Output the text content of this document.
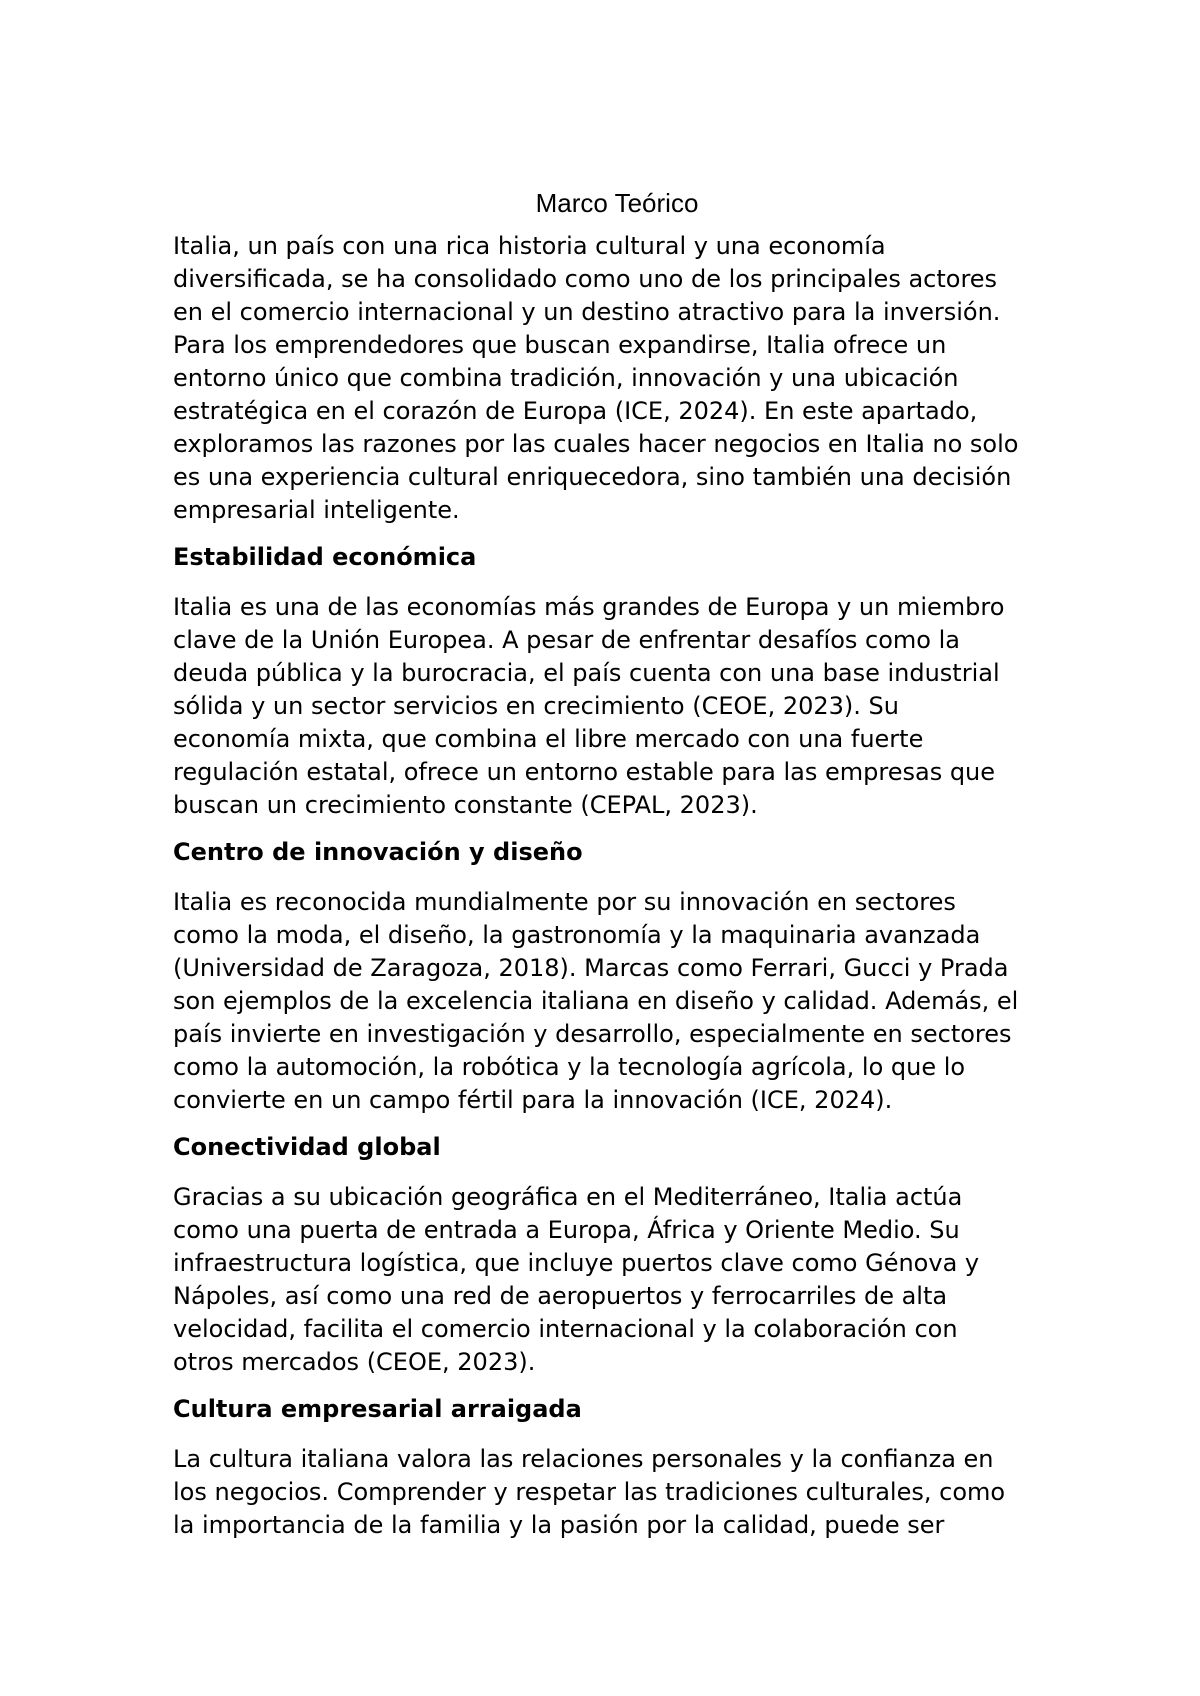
Marco Teórico
Italia, un país con una rica historia cultural y una economía
diversificada, se ha consolidado como uno de los principales actores
en el comercio internacional y un destino atractivo para la inversión.
Para los emprendedores que buscan expandirse, Italia ofrece un
entorno único que combina tradición, innovación y una ubicación
estratégica en el corazón de Europa (ICE, 2024). En este apartado,
exploramos las razones por las cuales hacer negocios en Italia no solo
es una experiencia cultural enriquecedora, sino también una decisión
empresarial inteligente.
Estabilidad económica
Italia es una de las economías más grandes de Europa y un miembro
clave de la Unión Europea. A pesar de enfrentar desafíos como la
deuda pública y la burocracia, el país cuenta con una base industrial
sólida y un sector servicios en crecimiento (CEOE, 2023). Su
economía mixta, que combina el libre mercado con una fuerte
regulación estatal, ofrece un entorno estable para las empresas que
buscan un crecimiento constante (CEPAL, 2023).
Centro de innovación y diseño
Italia es reconocida mundialmente por su innovación en sectores
como la moda, el diseño, la gastronomía y la maquinaria avanzada
(Universidad de Zaragoza, 2018). Marcas como Ferrari, Gucci y Prada
son ejemplos de la excelencia italiana en diseño y calidad. Además, el
país invierte en investigación y desarrollo, especialmente en sectores
como la automoción, la robótica y la tecnología agrícola, lo que lo
convierte en un campo fértil para la innovación (ICE, 2024).
Conectividad global
Gracias a su ubicación geográfica en el Mediterráneo, Italia actúa
como una puerta de entrada a Europa, África y Oriente Medio. Su
infraestructura logística, que incluye puertos clave como Génova y
Nápoles, así como una red de aeropuertos y ferrocarriles de alta
velocidad, facilita el comercio internacional y la colaboración con
otros mercados (CEOE, 2023).
Cultura empresarial arraigada
La cultura italiana valora las relaciones personales y la confianza en
los negocios. Comprender y respetar las tradiciones culturales, como
la importancia de la familia y la pasión por la calidad, puede ser
